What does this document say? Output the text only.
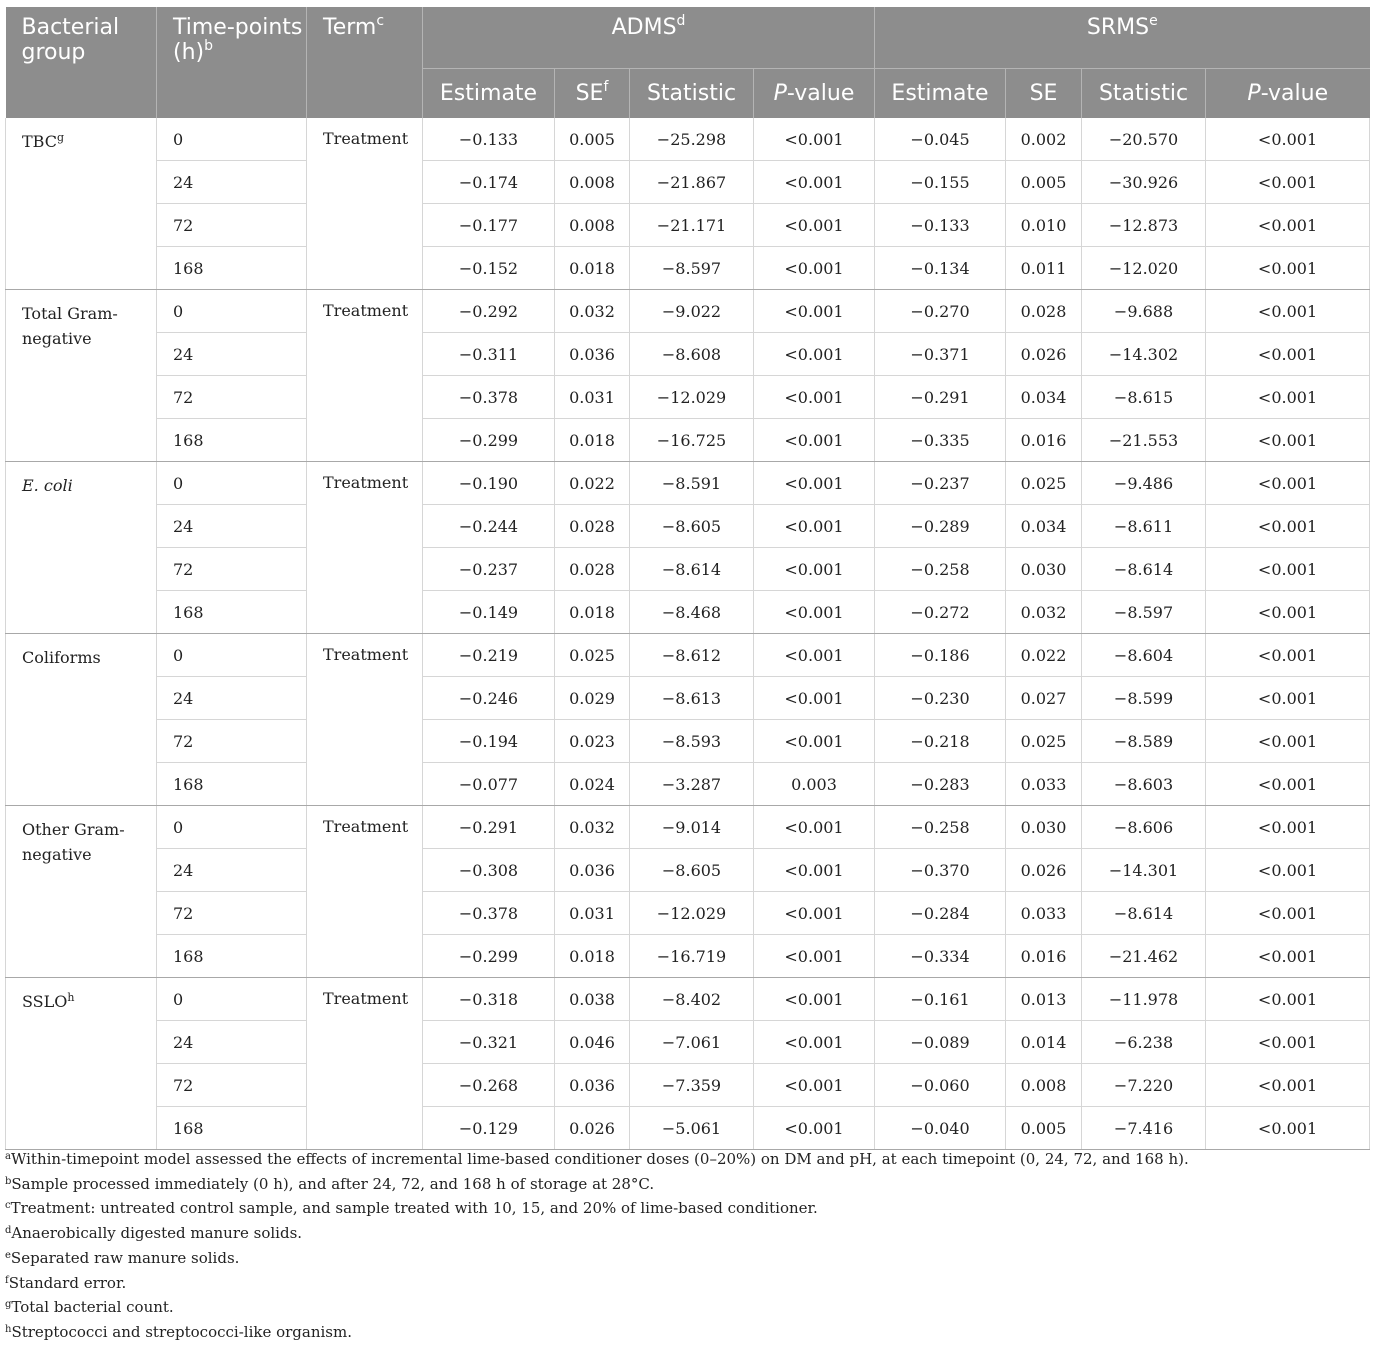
Bacterial group	Time-points $(h)^b$	Term$^c$	ADMS$^d$				SRMS$^e$
			Estimate	$SE^f$	Statistic	P-value	Estimate	SE	Statistic	P-value
TBC$^g$	0	Treatment	−0.133	0.005	−25.298	<0.001	−0.045	0.002	−20.570	<0.001
	24		−0.174	0.008	−21.867	<0.001	−0.155	0.005	−30.926	<0.001
	72		−0.177	0.008	−21.171	<0.001	−0.133	0.010	−12.873	<0.001
	168		−0.152	0.018	−8.597	<0.001	−0.134	0.011	−12.020	<0.001
Total Gram-negative	0	Treatment	−0.292	0.032	−9.022	<0.001	−0.270	0.028	−9.688	<0.001
	24		−0.311	0.036	−8.608	<0.001	−0.371	0.026	−14.302	<0.001
	72		−0.378	0.031	−12.029	<0.001	−0.291	0.034	−8.615	<0.001
	168		−0.299	0.018	−16.725	<0.001	−0.335	0.016	−21.553	<0.001
E. coli	0	Treatment	−0.190	0.022	−8.591	<0.001	−0.237	0.025	−9.486	<0.001
	24		−0.244	0.028	−8.605	<0.001	−0.289	0.034	−8.611	<0.001
	72		−0.237	0.028	−8.614	<0.001	−0.258	0.030	−8.614	<0.001
	168		−0.149	0.018	−8.468	<0.001	−0.272	0.032	−8.597	<0.001
Coliforms	0	Treatment	−0.219	0.025	−8.612	<0.001	−0.186	0.022	−8.604	<0.001
	24		−0.246	0.029	−8.613	<0.001	−0.230	0.027	−8.599	<0.001
	72		−0.194	0.023	−8.593	<0.001	−0.218	0.025	−8.589	<0.001
	168		−0.077	0.024	−3.287	0.003	−0.283	0.033	−8.603	<0.001
Other Gram-negative	0	Treatment	−0.291	0.032	−9.014	<0.001	−0.258	0.030	−8.606	<0.001
	24		−0.308	0.036	−8.605	<0.001	−0.370	0.026	−14.301	<0.001
	72		−0.378	0.031	−12.029	<0.001	−0.284	0.033	−8.614	<0.001
	168		−0.299	0.018	−16.719	<0.001	−0.334	0.016	−21.462	<0.001
SSLO$^h$	0	Treatment	−0.318	0.038	−8.402	<0.001	−0.161	0.013	−11.978	<0.001
	24		−0.321	0.046	−7.061	<0.001	−0.089	0.014	−6.238	<0.001
	72		−0.268	0.036	−7.359	<0.001	−0.060	0.008	−7.220	<0.001
	168		−0.129	0.026	−5.061	<0.001	−0.040	0.005	−7.416	<0.001
$^a$Within-timepoint model assessed the effects of incremental lime-based conditioner doses (0–20%) on DM and pH, at each timepoint (0, 24, 72, and 168 h).
$^b$Sample processed immediately (0 h), and after 24, 72, and 168 h of storage at 28°C.
$^c$Treatment: untreated control sample, and sample treated with 10, 15, and 20% of lime-based conditioner.
$^d$Anaerobically digested manure solids.
$^e$Separated raw manure solids.
$^f$Standard error.
$^g$Total bacterial count.
$^h$Streptococci and streptococci-like organism.
